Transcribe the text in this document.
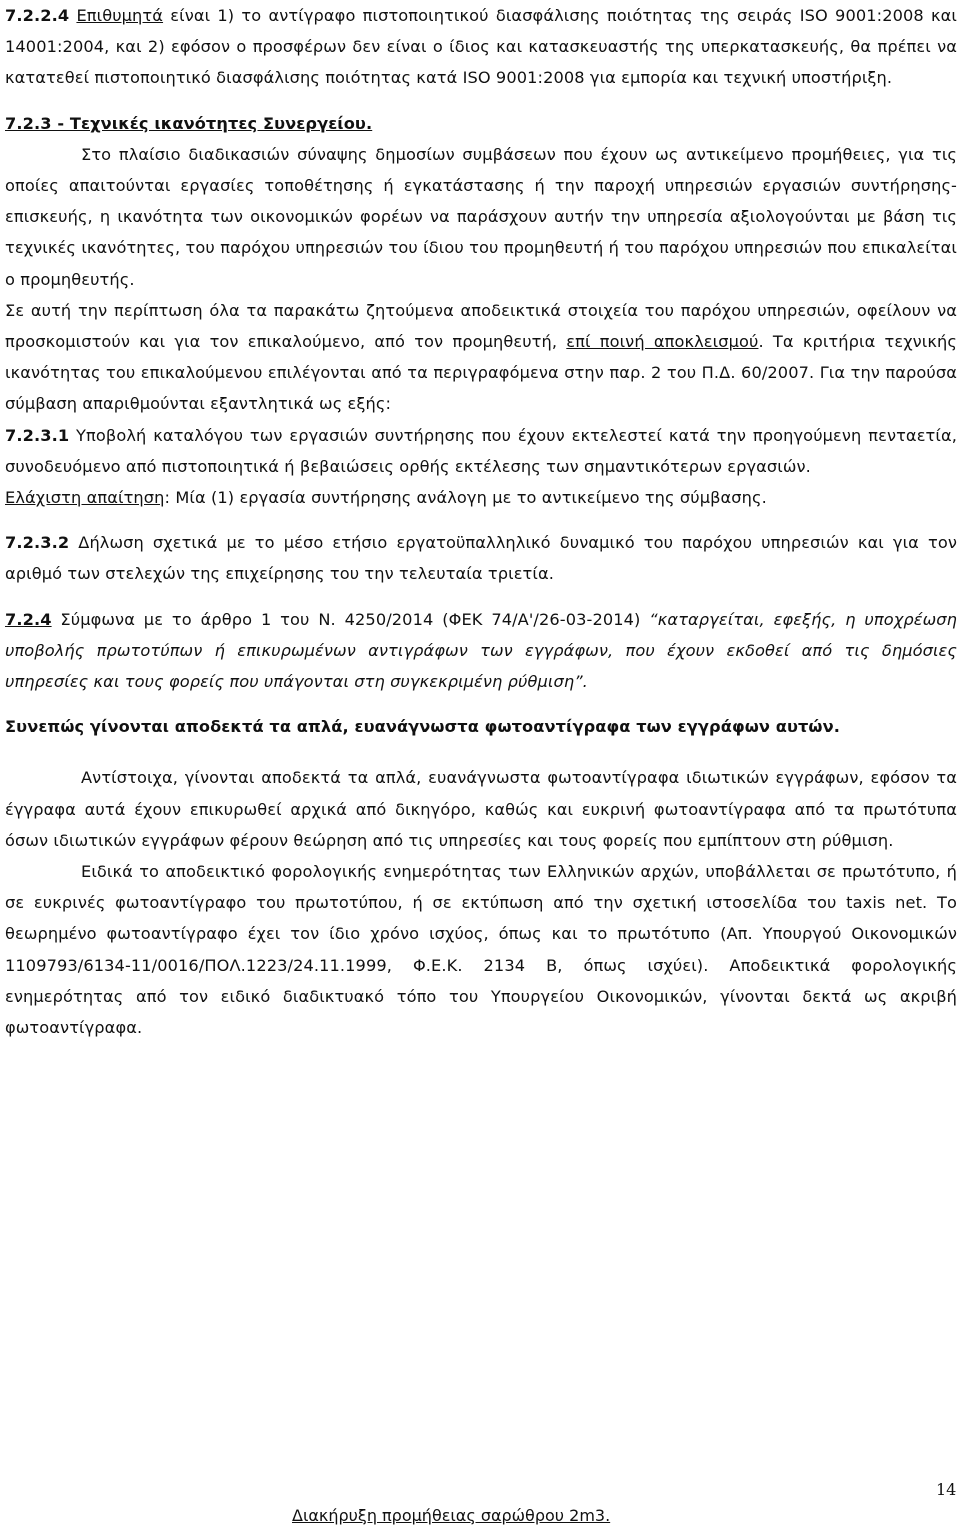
7.2.2.4 Επιθυμητά είναι 1) το αντίγραφο πιστοποιητικού διασφάλισης ποιότητας της σειράς ISO 9001:2008 και 14001:2004, και 2) εφόσον ο προσφέρων δεν είναι ο ίδιος και κατασκευαστής της υπερκατασκευής, θα πρέπει να κατατεθεί πιστοποιητικό διασφάλισης ποιότητας κατά ISO 9001:2008 για εμπορία και τεχνική υποστήριξη.

7.2.3 - Τεχνικές ικανότητες Συνεργείου.

Στο πλαίσιο διαδικασιών σύναψης δημοσίων συμβάσεων που έχουν ως αντικείμενο προμήθειες, για τις οποίες απαιτούνται εργασίες τοποθέτησης ή εγκατάστασης ή την παροχή υπηρεσιών εργασιών συντήρησης-επισκευής, η ικανότητα των οικονομικών φορέων να παράσχουν αυτήν την υπηρεσία αξιολογούνται με βάση τις τεχνικές ικανότητες, του παρόχου υπηρεσιών του ίδιου του προμηθευτή ή του παρόχου υπηρεσιών που επικαλείται ο προμηθευτής.

Σε αυτή την περίπτωση όλα τα παρακάτω ζητούμενα αποδεικτικά στοιχεία του παρόχου υπηρεσιών, οφείλουν να προσκομιστούν και για τον επικαλούμενο, από τον προμηθευτή, επί ποινή αποκλεισμού. Τα κριτήρια τεχνικής ικανότητας του επικαλούμενου επιλέγονται από τα περιγραφόμενα στην παρ. 2 του Π.Δ. 60/2007. Για την παρούσα σύμβαση απαριθμούνται εξαντλητικά ως εξής:

7.2.3.1 Υποβολή καταλόγου των εργασιών συντήρησης που έχουν εκτελεστεί κατά την προηγούμενη πενταετία, συνοδευόμενο από πιστοποιητικά ή βεβαιώσεις ορθής εκτέλεσης των σημαντικότερων εργασιών.

Ελάχιστη απαίτηση: Μία (1) εργασία συντήρησης ανάλογη με το αντικείμενο της σύμβασης.

7.2.3.2 Δήλωση σχετικά με το μέσο ετήσιο εργατοϋπαλληλικό δυναμικό του παρόχου υπηρεσιών και για τον αριθμό των στελεχών της επιχείρησης του την τελευταία τριετία.

7.2.4 Σύμφωνα με το άρθρο 1 του Ν. 4250/2014 (ΦΕΚ 74/Α'/26-03-2014) “καταργείται, εφεξής, η υποχρέωση υποβολής πρωτοτύπων ή επικυρωμένων αντιγράφων των εγγράφων, που έχουν εκδοθεί από τις δημόσιες υπηρεσίες και τους φορείς που υπάγονται στη συγκεκριμένη ρύθμιση”.

Συνεπώς γίνονται αποδεκτά τα απλά, ευανάγνωστα φωτοαντίγραφα των εγγράφων αυτών.

Αντίστοιχα, γίνονται αποδεκτά τα απλά, ευανάγνωστα φωτοαντίγραφα ιδιωτικών εγγράφων, εφόσον τα έγγραφα αυτά έχουν επικυρωθεί αρχικά από δικηγόρο, καθώς και ευκρινή φωτοαντίγραφα από τα πρωτότυπα όσων ιδιωτικών εγγράφων φέρουν θεώρηση από τις υπηρεσίες και τους φορείς που εμπίπτουν στη ρύθμιση.

Ειδικά το αποδεικτικό φορολογικής ενημερότητας των Ελληνικών αρχών, υποβάλλεται σε πρωτότυπο, ή σε ευκρινές φωτοαντίγραφο του πρωτοτύπου, ή σε εκτύπωση από την σχετική ιστοσελίδα του taxis net. Το θεωρημένο φωτοαντίγραφο έχει τον ίδιο χρόνο ισχύος, όπως και το πρωτότυπο (Απ. Υπουργού Οικονομικών 1109793/6134-11/0016/ΠΟΛ.1223/24.11.1999, Φ.Ε.Κ. 2134 Β, όπως ισχύει). Αποδεικτικά φορολογικής ενημερότητας από τον ειδικό διαδικτυακό τόπο του Υπουργείου Οικονομικών, γίνονται δεκτά ως ακριβή φωτοαντίγραφα.

14
Διακήρυξη προμήθειας σαρώθρου 2m3.
